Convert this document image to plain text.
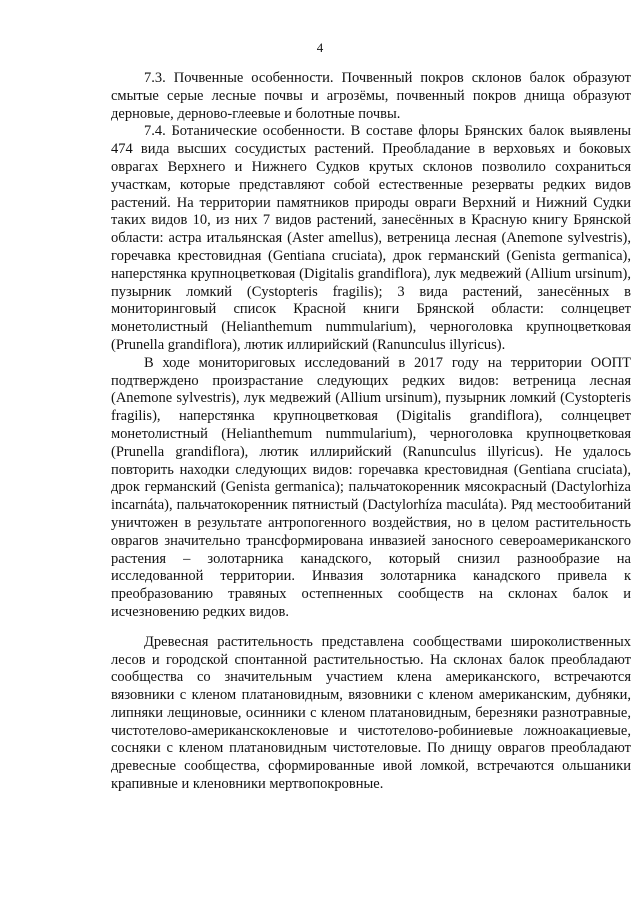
4

7.3. Почвенные особенности. Почвенный покров склонов балок образуют смытые серые лесные почвы и агрозёмы, почвенный покров днища образуют дерновые, дерново-глеевые и болотные почвы.

7.4. Ботанические особенности. В составе флоры Брянских балок выявлены 474 вида высших сосудистых растений. Преобладание в верховьях и боковых оврагах Верхнего и Нижнего Судков крутых склонов позволило сохраниться участкам, которые представляют собой естественные резерваты редких видов растений. На территории памятников природы овраги Верхний и Нижний Судки таких видов 10, из них 7 видов растений, занесённых в Красную книгу Брянской области: астра итальянская (Aster amellus), ветреница лесная (Anemone sylvestris), горечавка крестовидная (Gentiana cruciata), дрок германский (Genista germanica), наперстянка крупноцветковая (Digitalis grandiflora), лук медвежий (Allium ursinum), пузырник ломкий (Cystopteris fragilis); 3 вида растений, занесённых в мониторинговый список Красной книги Брянской области: солнцецвет монетолистный (Helianthemum nummularium), черноголовка крупноцветковая (Prunella grandiflora), лютик иллирийский (Ranunculus illyricus).

В ходе мониториговых исследований в 2017 году на территории ООПТ подтверждено произрастание следующих редких видов: ветреница лесная (Anemone sylvestris), лук медвежий (Allium ursinum), пузырник ломкий (Cystopteris fragilis), наперстянка крупноцветковая (Digitalis grandiflora), солнцецвет монетолистный (Helianthemum nummularium), черноголовка крупноцветковая (Prunella grandiflora), лютик иллирийский (Ranunculus illyricus). Не удалось повторить находки следующих видов: горечавка крестовидная (Gentiana cruciata), дрок германский (Genista germanica); пальчатокоренник мясокрасный (Dactylorhiza incarnáta), пальчатокоренник пятнистый (Dactylorhíza maculáta). Ряд местообитаний уничтожен в результате антропогенного воздействия, но в целом растительность оврагов значительно трансформирована инвазией заносного североамериканского растения – золотарника канадского, который снизил разнообразие на исследованной территории. Инвазия золотарника канадского привела к преобразованию травяных остепненных сообществ на склонах балок и исчезновению редких видов.

Древесная растительность представлена сообществами широколиственных лесов и городской спонтанной растительностью. На склонах балок преобладают сообщества со значительным участием клена американского, встречаются вязовники с кленом платановидным, вязовники с кленом американским, дубняки, липняки лещиновые, осинники с кленом платановидным, березняки разнотравные, чистотелово-американскокленовые и чистотелово-робиниевые ложноакациевые, сосняки с кленом платановидным чистотеловые. По днищу оврагов преобладают древесные сообщества, сформированные ивой ломкой, встречаются ольшаники крапивные и кленовники мертвопокровные.
